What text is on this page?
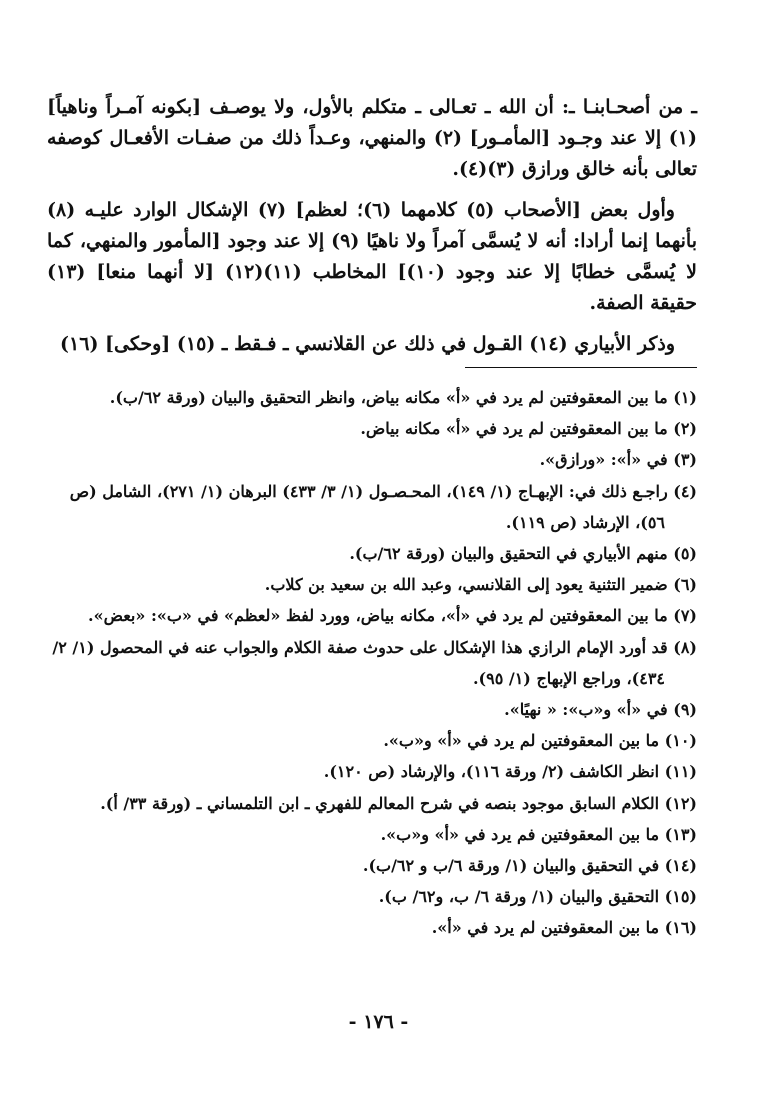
ـ من أصحـابنـا ـ: أن الله ـ تعـالى ـ متكلم بالأول، ولا يوصـف [بكونه آمـراً وناهياً](١) إلا عند وجـود [المأمـور] (٢) والمنهي، وعـداً ذلك من صفـات الأفعـال كوصفه تعالى بأنه خالق ورازق (٣)(٤).

وأول بعض [الأصحاب (٥) كلامهما (٦)؛ لعظم] (٧) الإشكال الوارد عليـه (٨) بأنهما إنما أرادا: أنه لا يُسمَّى آمراً ولا ناهيًا (٩) إلا عند وجود [المأمور والمنهي، كما لا يُسمَّى خطابًا إلا عند وجود (١٠)] المخاطب (١١)(١٢) [لا أنهما منعا] (١٣) حقيقة الصفة.

وذكر الأبياري (١٤) القـول في ذلك عن القلانسي ـ فـقط ـ (١٥) [وحكى] (١٦)

(١) ما بين المعقوفتين لم يرد في «أ» مكانه بياض، وانظر التحقيق والبيان (ورقة ٦٢/ب).
(٢) ما بين المعقوفتين لم يرد في «أ» مكانه بياض.
(٣) في «أ»: «ورازق».
(٤) راجـع ذلك في: الإبهـاج (١/ ١٤٩)، المحـصـول (١/ ٣/ ٤٣٣) البرهان (١/ ٢٧١)، الشامل (ص ٥٦)، الإرشاد (ص ١١٩).
(٥) منهم الأبياري في التحقيق والبيان (ورقة ٦٢/ب).
(٦) ضمير التثنية يعود إلى القلانسي، وعبد الله بن سعيد بن كلاب.
(٧) ما بين المعقوفتين لم يرد في «أ»، مكانه بياض، وورد لفظ «لعظم» في «ب»: «بعض».
(٨) قد أورد الإمام الرازي هذا الإشكال على حدوث صفة الكلام والجواب عنه في المحصول (١/ ٢/ ٤٣٤)، وراجع الإبهاج (١/ ٩٥).
(٩) في «أ» و«ب»: « نهيًا».
(١٠) ما بين المعقوفتين لم يرد في «أ» و«ب».
(١١) انظر الكاشف (٢/ ورقة ١١٦)، والإرشاد (ص ١٢٠).
(١٢) الكلام السابق موجود بنصه في شرح المعالم للفهري ـ ابن التلمساني ـ (ورقة ٣٣/ أ).
(١٣) ما بين المعقوفتين فم يرد في «أ» و«ب».
(١٤) في التحقيق والبيان (١/ ورقة ٦/ب و ٦٢/ب).
(١٥) التحقيق والبيان (١/ ورقة ٦/ ب، و٦٢/ ب).
(١٦) ما بين المعقوفتين لم يرد في «أ».
- ١٧٦ -
